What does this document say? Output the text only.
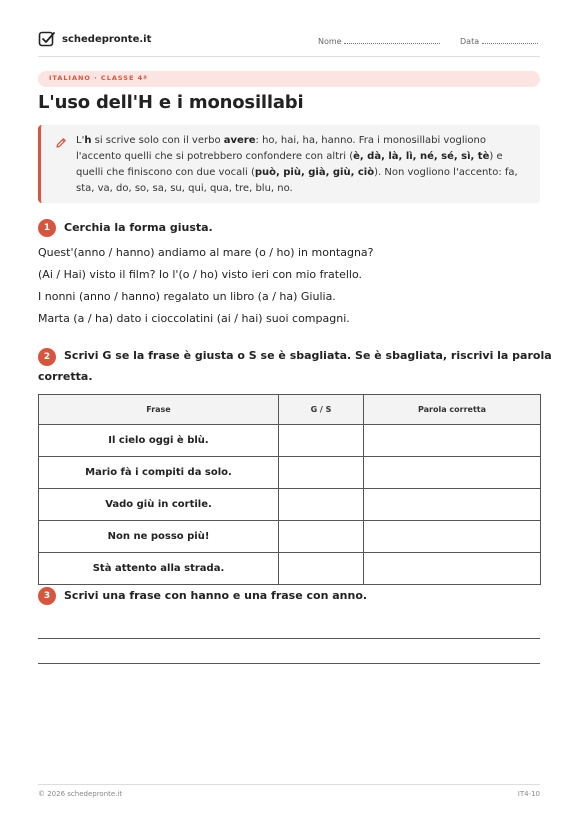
schedepronte.it	Nome	Data
ITALIANO · CLASSE 4ª
L'uso dell'H e i monosillabi
L'h si scrive solo con il verbo avere: ho, hai, ha, hanno. Fra i monosillabi vogliono l'accento quelli che si potrebbero confondere con altri (è, dà, là, lì, né, sé, sì, tè) e quelli che finiscono con due vocali (può, più, già, giù, ciò). Non vogliono l'accento: fa, sta, va, do, so, sa, su, qui, qua, tre, blu, no.
1	Cerchia la forma giusta.
Quest'(anno / hanno) andiamo al mare (o / ho) in montagna?
(Ai / Hai) visto il film? Io l'(o / ho) visto ieri con mio fratello.
I nonni (anno / hanno) regalato un libro (a / ha) Giulia.
Marta (a / ha) dato i cioccolatini (ai / hai) suoi compagni.
2	Scrivi G se la frase è giusta o S se è sbagliata. Se è sbagliata, riscrivi la parola
corretta.
Frase	G / S	Parola corretta
Il cielo oggi è blù.		
Mario fà i compiti da solo.		
Vado giù in cortile.		
Non ne posso più!		
Stà attento alla strada.		
3	Scrivi una frase con hanno e una frase con anno.
© 2026 schedepronte.it	IT4-10
